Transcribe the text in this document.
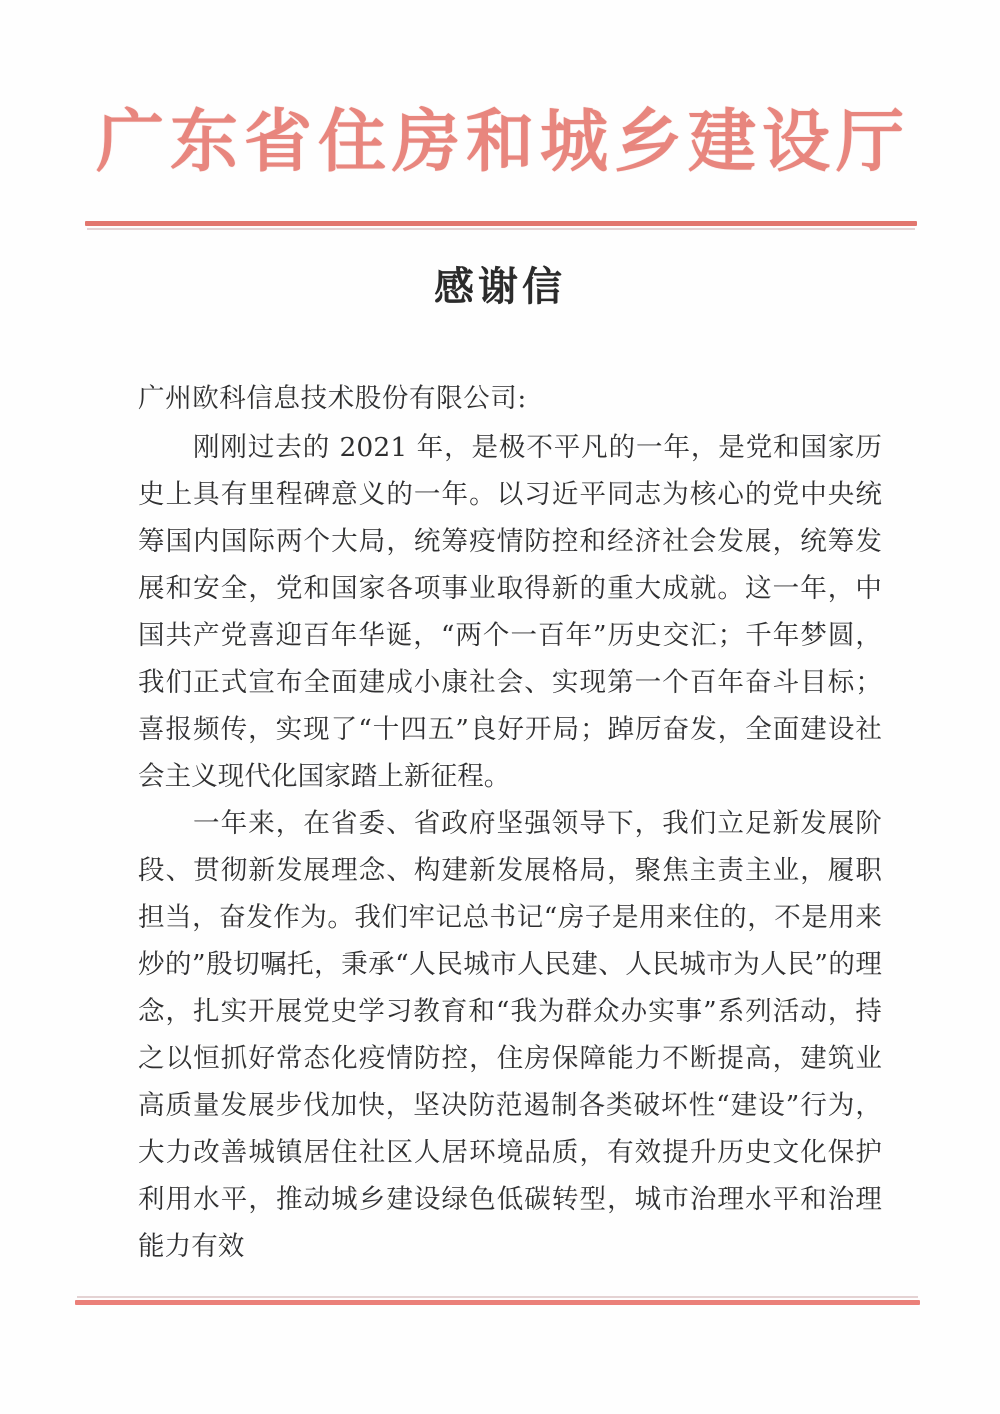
广东省住房和城乡建设厅
感谢信

广州欧科信息技术股份有限公司:

刚刚过去的 2021 年，是极不平凡的一年，是党和国家历史上具有里程碑意义的一年。以习近平同志为核心的党中央统筹国内国际两个大局，统筹疫情防控和经济社会发展，统筹发展和安全，党和国家各项事业取得新的重大成就。这一年，中国共产党喜迎百年华诞，“两个一百年”历史交汇；千年梦圆，我们正式宣布全面建成小康社会、实现第一个百年奋斗目标；喜报频传，实现了“十四五”良好开局；踔厉奋发，全面建设社会主义现代化国家踏上新征程。

一年来，在省委、省政府坚强领导下，我们立足新发展阶段、贯彻新发展理念、构建新发展格局，聚焦主责主业，履职担当，奋发作为。我们牢记总书记“房子是用来住的，不是用来炒的”殷切嘱托，秉承“人民城市人民建、人民城市为人民”的理念，扎实开展党史学习教育和“我为群众办实事”系列活动，持之以恒抓好常态化疫情防控，住房保障能力不断提高，建筑业高质量发展步伐加快，坚决防范遏制各类破坏性“建设”行为，大力改善城镇居住社区人居环境品质，有效提升历史文化保护利用水平，推动城乡建设绿色低碳转型，城市治理水平和治理能力有效
